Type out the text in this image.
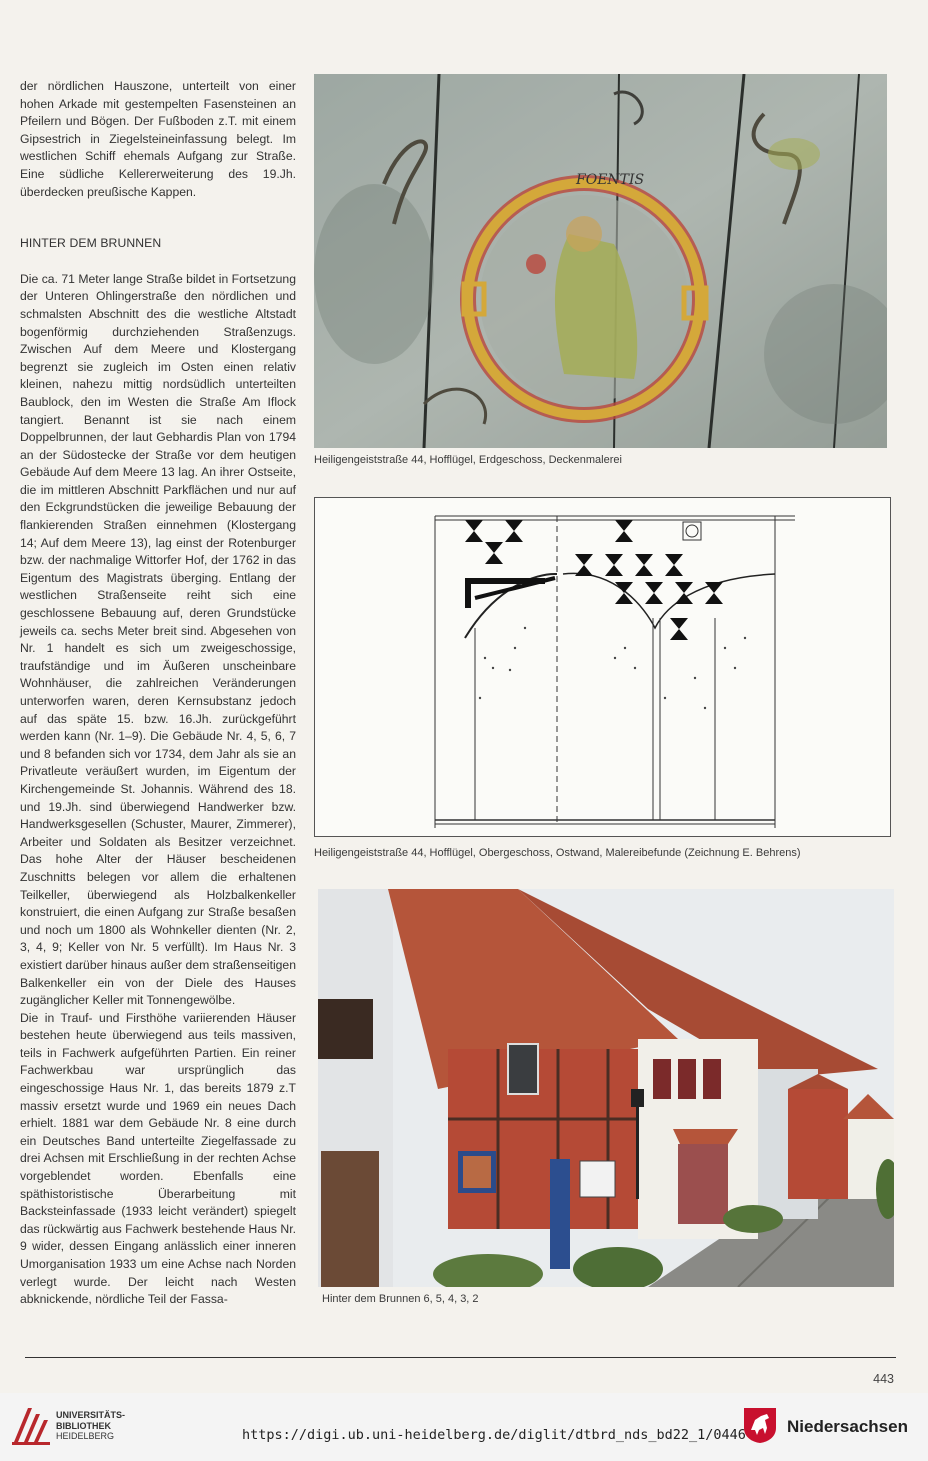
der nördlichen Hauszone, unterteilt von einer hohen Arkade mit gestempelten Fasensteinen an Pfeilern und Bögen. Der Fußboden z.T. mit einem Gipsestrich in Ziegelsteineinfassung belegt. Im westlichen Schiff ehemals Aufgang zur Straße. Eine südliche Kellererweiterung des 19.Jh. überdecken preußische Kappen.

HINTER DEM BRUNNEN

Die ca. 71 Meter lange Straße bildet in Fortsetzung der Unteren Ohlingerstraße den nördlichen und schmalsten Abschnitt des die westliche Altstadt bogenförmig durchziehenden Straßenzugs. Zwischen Auf dem Meere und Klostergang begrenzt sie zugleich im Osten einen relativ kleinen, nahezu mittig nordsüdlich unterteilten Baublock, den im Westen die Straße Am Iflock tangiert. Benannt ist sie nach einem Doppelbrunnen, der laut Gebhardis Plan von 1794 an der Südostecke der Straße vor dem heutigen Gebäude Auf dem Meere 13 lag. An ihrer Ostseite, die im mittleren Abschnitt Parkflächen und nur auf den Eckgrundstücken die jeweilige Bebauung der flankierenden Straßen einnehmen (Klostergang 14; Auf dem Meere 13), lag einst der Rotenburger bzw. der nachmalige Wittorfer Hof, der 1762 in das Eigentum des Magistrats überging. Entlang der westlichen Straßenseite reiht sich eine geschlossene Bebauung auf, deren Grundstücke jeweils ca. sechs Meter breit sind. Abgesehen von Nr. 1 handelt es sich um zweigeschossige, traufständige und im Äußeren unscheinbare Wohnhäuser, die zahlreichen Veränderungen unterworfen waren, deren Kernsubstanz jedoch auf das späte 15. bzw. 16.Jh. zurückgeführt werden kann (Nr. 1–9). Die Gebäude Nr. 4, 5, 6, 7 und 8 befanden sich vor 1734, dem Jahr als sie an Privatleute veräußert wurden, im Eigentum der Kirchengemeinde St. Johannis. Während des 18. und 19.Jh. sind überwiegend Handwerker bzw. Handwerksgesellen (Schuster, Maurer, Zimmerer), Arbeiter und Soldaten als Besitzer verzeichnet. Das hohe Alter der Häuser bescheidenen Zuschnitts belegen vor allem die erhaltenen Teilkeller, überwiegend als Holzbalkenkeller konstruiert, die einen Aufgang zur Straße besaßen und noch um 1800 als Wohnkeller dienten (Nr. 2, 3, 4, 9; Keller von Nr. 5 verfüllt). Im Haus Nr. 3 existiert darüber hinaus außer dem straßenseitigen Balkenkeller ein von der Diele des Hauses zugänglicher Keller mit Tonnengewölbe.

Die in Trauf- und Firsthöhe variierenden Häuser bestehen heute überwiegend aus teils massiven, teils in Fachwerk aufgeführten Partien. Ein reiner Fachwerkbau war ursprünglich das eingeschossige Haus Nr. 1, das bereits 1879 z.T massiv ersetzt wurde und 1969 ein neues Dach erhielt. 1881 war dem Gebäude Nr. 8 eine durch ein Deutsches Band unterteilte Ziegelfassade zu drei Achsen mit Erschließung in der rechten Achse vorgeblendet worden. Ebenfalls eine späthistoristische Überarbeitung mit Backsteinfassade (1933 leicht verändert) spiegelt das rückwärtig aus Fachwerk bestehende Haus Nr. 9 wider, dessen Eingang anlässlich einer inneren Umorganisation 1933 um eine Achse nach Norden verlegt wurde. Der leicht nach Westen abknickende, nördliche Teil der Fassa-

FOENTIS
Heiligengeiststraße 44, Hofflügel, Erdgeschoss, Deckenmalerei
Heiligengeiststraße 44, Hofflügel, Obergeschoss, Ostwand, Malereibefunde (Zeichnung E. Behrens)
Hinter dem Brunnen 6, 5, 4, 3, 2
443
UNIVERSITÄTS-
BIBLIOTHEK
HEIDELBERG	https://digi.ub.uni-heidelberg.de/diglit/dtbrd_nds_bd22_1/0446 Niedersachsen
